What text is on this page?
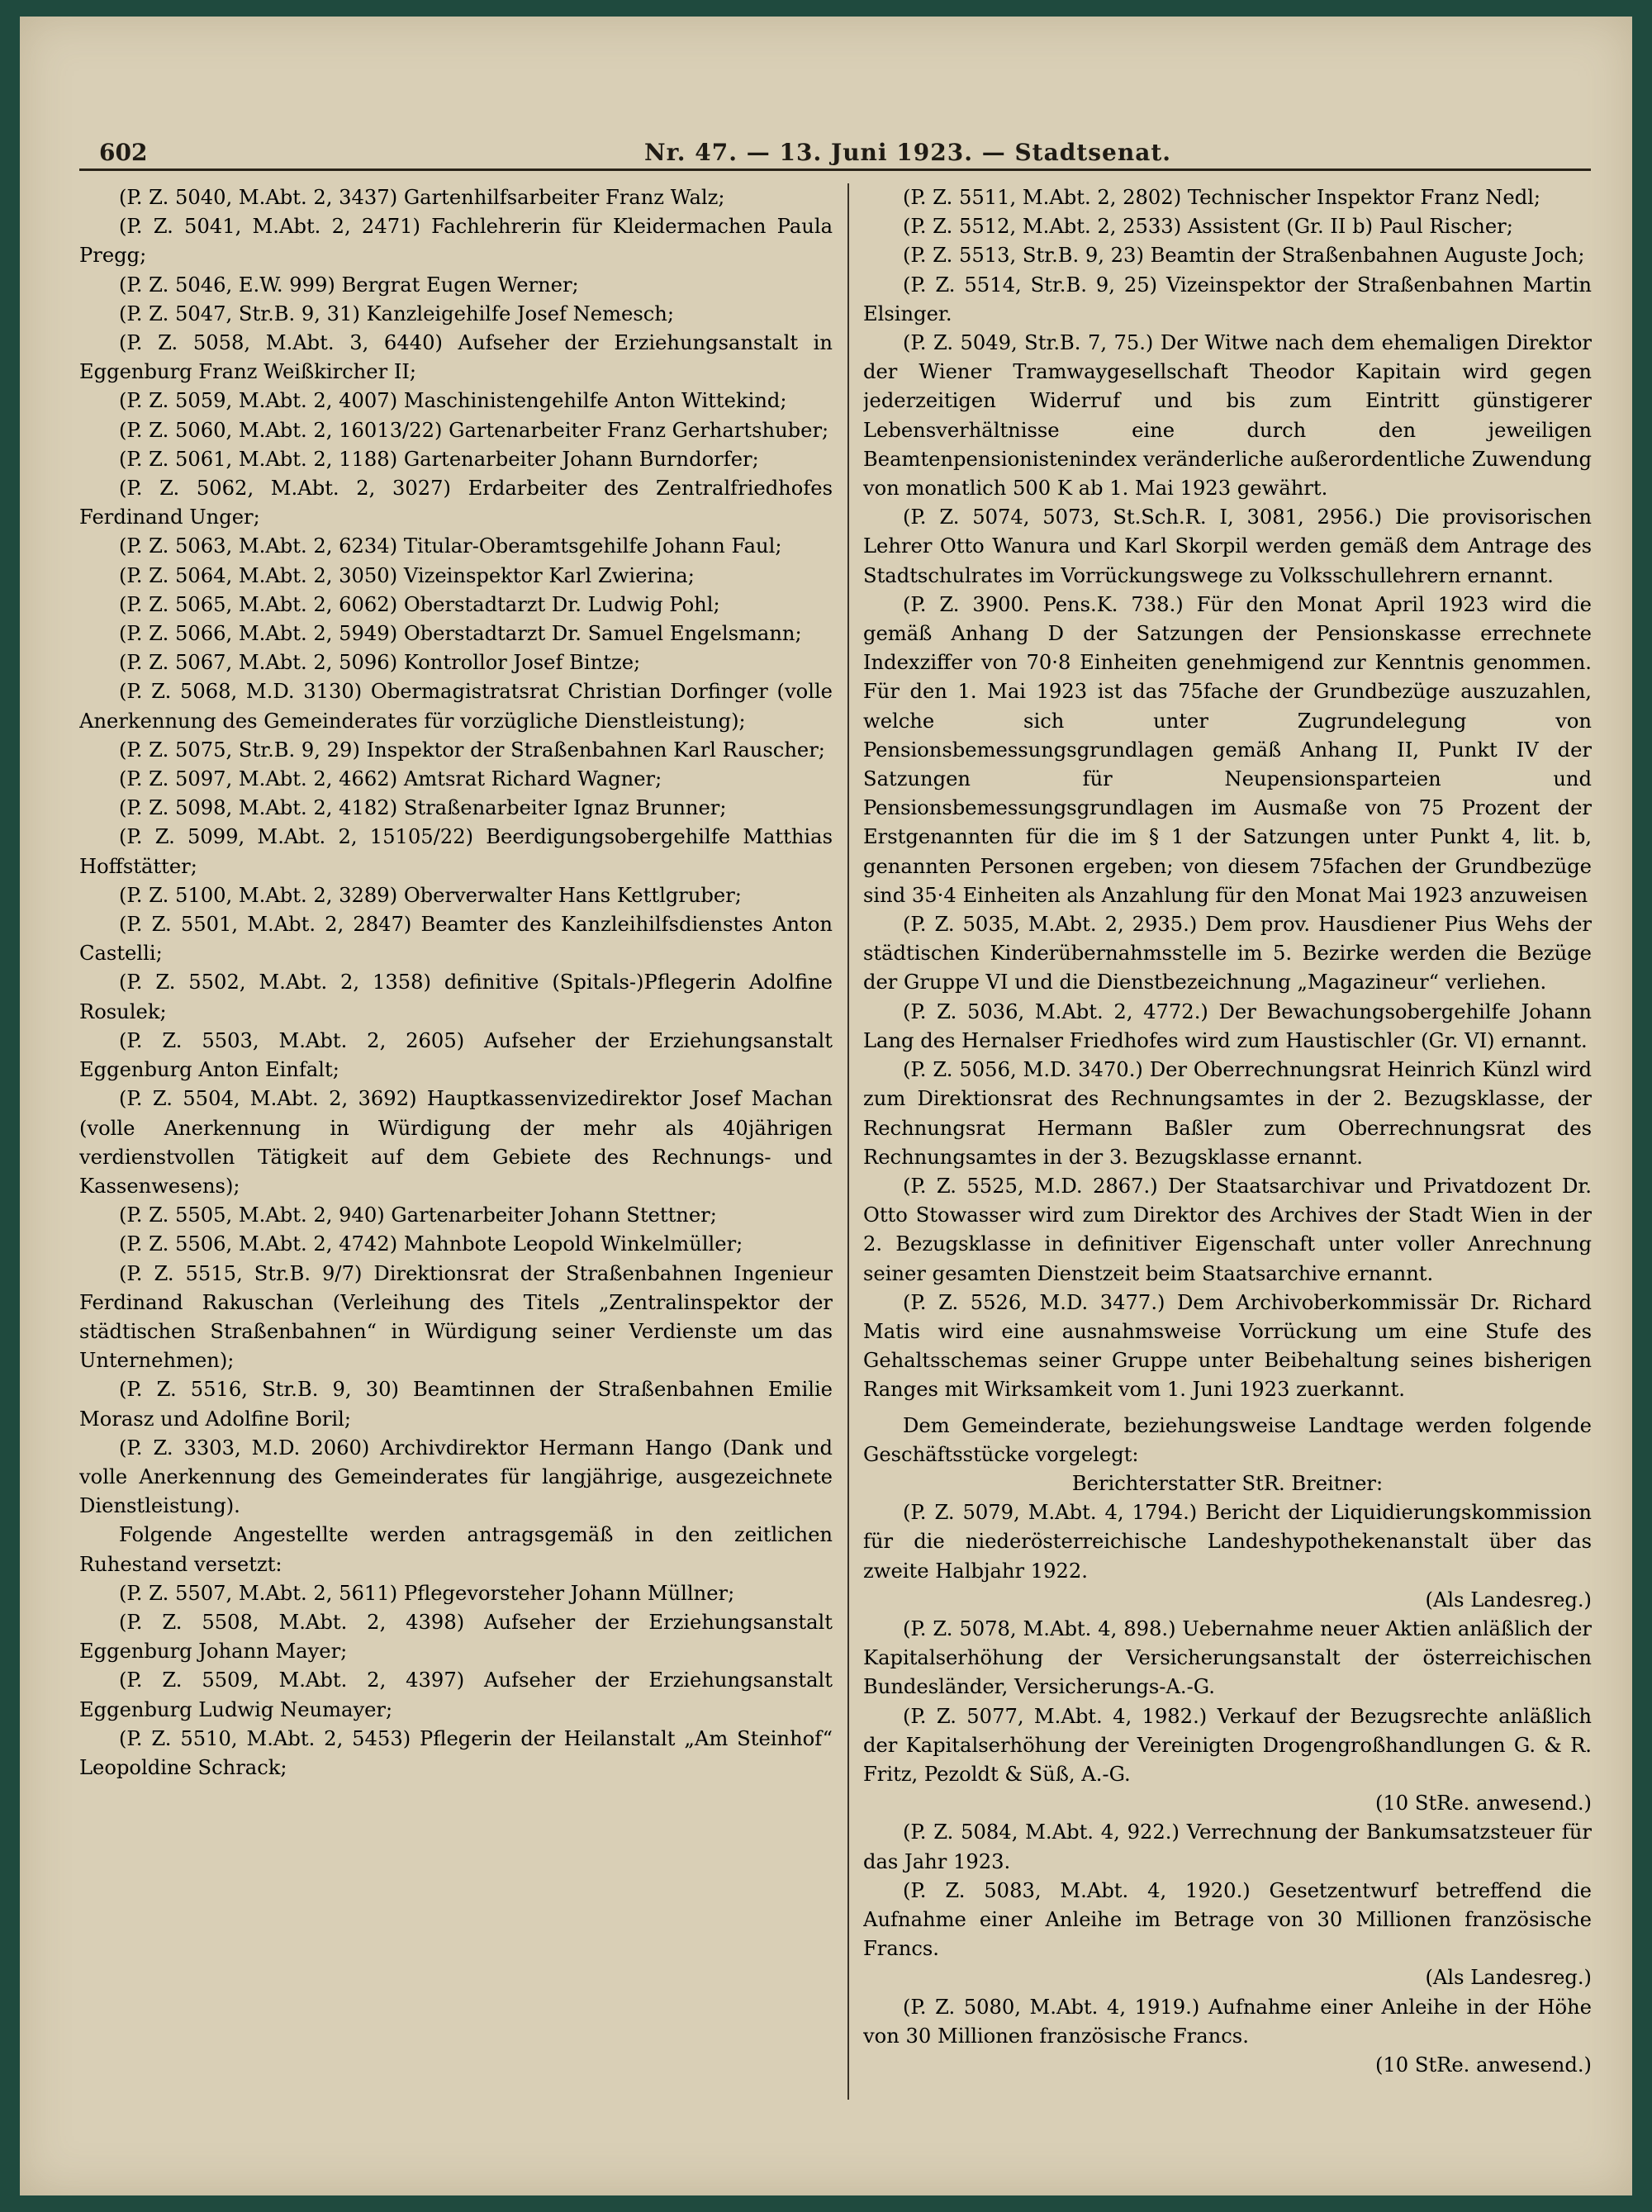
602	Nr. 47. — 13. Juni 1923. — Stadtsenat.

(P. Z. 5040, M.Abt. 2, 3437) Gartenhilfsarbeiter Franz Walz;

(P. Z. 5041, M.Abt. 2, 2471) Fachlehrerin für Kleidermachen Paula Pregg;

(P. Z. 5046, E.W. 999) Bergrat Eugen Werner;

(P. Z. 5047, Str.B. 9, 31) Kanzleigehilfe Josef Nemesch;

(P. Z. 5058, M.Abt. 3, 6440) Aufseher der Erziehungsanstalt in Eggenburg Franz Weißkircher II;

(P. Z. 5059, M.Abt. 2, 4007) Maschinistengehilfe Anton Wittekind;

(P. Z. 5060, M.Abt. 2, 16013/22) Gartenarbeiter Franz Gerhartshuber;

(P. Z. 5061, M.Abt. 2, 1188) Gartenarbeiter Johann Burndorfer;

(P. Z. 5062, M.Abt. 2, 3027) Erdarbeiter des Zentralfriedhofes Ferdinand Unger;

(P. Z. 5063, M.Abt. 2, 6234) Titular-Oberamtsgehilfe Johann Faul;

(P. Z. 5064, M.Abt. 2, 3050) Vizeinspektor Karl Zwierina;

(P. Z. 5065, M.Abt. 2, 6062) Oberstadtarzt Dr. Ludwig Pohl;

(P. Z. 5066, M.Abt. 2, 5949) Oberstadtarzt Dr. Samuel Engelsmann;

(P. Z. 5067, M.Abt. 2, 5096) Kontrollor Josef Bintze;

(P. Z. 5068, M.D. 3130) Obermagistratsrat Christian Dorfinger (volle Anerkennung des Gemeinderates für vorzügliche Dienstleistung);

(P. Z. 5075, Str.B. 9, 29) Inspektor der Straßenbahnen Karl Rauscher;

(P. Z. 5097, M.Abt. 2, 4662) Amtsrat Richard Wagner;

(P. Z. 5098, M.Abt. 2, 4182) Straßenarbeiter Ignaz Brunner;

(P. Z. 5099, M.Abt. 2, 15105/22) Beerdigungsobergehilfe Matthias Hoffstätter;

(P. Z. 5100, M.Abt. 2, 3289) Oberverwalter Hans Kettlgruber;

(P. Z. 5501, M.Abt. 2, 2847) Beamter des Kanzleihilfsdienstes Anton Castelli;

(P. Z. 5502, M.Abt. 2, 1358) definitive (Spitals-)Pflegerin Adolfine Rosulek;

(P. Z. 5503, M.Abt. 2, 2605) Aufseher der Erziehungsanstalt Eggenburg Anton Einfalt;

(P. Z. 5504, M.Abt. 2, 3692) Hauptkassenvizedirektor Josef Machan (volle Anerkennung in Würdigung der mehr als 40jährigen verdienstvollen Tätigkeit auf dem Gebiete des Rechnungs- und Kassenwesens);

(P. Z. 5505, M.Abt. 2, 940) Gartenarbeiter Johann Stettner;

(P. Z. 5506, M.Abt. 2, 4742) Mahnbote Leopold Winkelmüller;

(P. Z. 5515, Str.B. 9/7) Direktionsrat der Straßenbahnen Ingenieur Ferdinand Rakuschan (Verleihung des Titels „Zentralinspektor der städtischen Straßenbahnen“ in Würdigung seiner Verdienste um das Unternehmen);

(P. Z. 5516, Str.B. 9, 30) Beamtinnen der Straßenbahnen Emilie Morasz und Adolfine Boril;

(P. Z. 3303, M.D. 2060) Archivdirektor Hermann Hango (Dank und volle Anerkennung des Gemeinderates für langjährige, ausgezeichnete Dienstleistung).

Folgende Angestellte werden antragsgemäß in den zeitlichen Ruhestand versetzt:

(P. Z. 5507, M.Abt. 2, 5611) Pflegevorsteher Johann Müllner;

(P. Z. 5508, M.Abt. 2, 4398) Aufseher der Erziehungsanstalt Eggenburg Johann Mayer;

(P. Z. 5509, M.Abt. 2, 4397) Aufseher der Erziehungsanstalt Eggenburg Ludwig Neumayer;

(P. Z. 5510, M.Abt. 2, 5453) Pflegerin der Heilanstalt „Am Steinhof“ Leopoldine Schrack;

(P. Z. 5511, M.Abt. 2, 2802) Technischer Inspektor Franz Nedl;

(P. Z. 5512, M.Abt. 2, 2533) Assistent (Gr. II b) Paul Rischer;

(P. Z. 5513, Str.B. 9, 23) Beamtin der Straßenbahnen Auguste Joch;

(P. Z. 5514, Str.B. 9, 25) Vizeinspektor der Straßenbahnen Martin Elsinger.

(P. Z. 5049, Str.B. 7, 75.) Der Witwe nach dem ehemaligen Direktor der Wiener Tramwaygesellschaft Theodor Kapitain wird gegen jederzeitigen Widerruf und bis zum Eintritt günstigerer Lebensverhältnisse eine durch den jeweiligen Beamtenpensionistenindex veränderliche außerordentliche Zuwendung von monatlich 500 K ab 1. Mai 1923 gewährt.

(P. Z. 5074, 5073, St.Sch.R. I, 3081, 2956.) Die provisorischen Lehrer Otto Wanura und Karl Skorpil werden gemäß dem Antrage des Stadtschulrates im Vorrückungswege zu Volksschullehrern ernannt.

(P. Z. 3900. Pens.K. 738.) Für den Monat April 1923 wird die gemäß Anhang D der Satzungen der Pensionskasse errechnete Indexziffer von 70·8 Einheiten genehmigend zur Kenntnis genommen. Für den 1. Mai 1923 ist das 75fache der Grundbezüge auszuzahlen, welche sich unter Zugrundelegung von Pensionsbemessungsgrundlagen gemäß Anhang II, Punkt IV der Satzungen für Neupensionsparteien und Pensionsbemessungsgrundlagen im Ausmaße von 75 Prozent der Erstgenannten für die im § 1 der Satzungen unter Punkt 4, lit. b, genannten Personen ergeben; von diesem 75fachen der Grundbezüge sind 35·4 Einheiten als Anzahlung für den Monat Mai 1923 anzuweisen

(P. Z. 5035, M.Abt. 2, 2935.) Dem prov. Hausdiener Pius Wehs der städtischen Kinderübernahmsstelle im 5. Bezirke werden die Bezüge der Gruppe VI und die Dienstbezeichnung „Magazineur“ verliehen.

(P. Z. 5036, M.Abt. 2, 4772.) Der Bewachungsobergehilfe Johann Lang des Hernalser Friedhofes wird zum Haustischler (Gr. VI) ernannt.

(P. Z. 5056, M.D. 3470.) Der Oberrechnungsrat Heinrich Künzl wird zum Direktionsrat des Rechnungsamtes in der 2. Bezugsklasse, der Rechnungsrat Hermann Baßler zum Oberrechnungsrat des Rechnungsamtes in der 3. Bezugsklasse ernannt.

(P. Z. 5525, M.D. 2867.) Der Staatsarchivar und Privatdozent Dr. Otto Stowasser wird zum Direktor des Archives der Stadt Wien in der 2. Bezugsklasse in definitiver Eigenschaft unter voller Anrechnung seiner gesamten Dienstzeit beim Staatsarchive ernannt.

(P. Z. 5526, M.D. 3477.) Dem Archivoberkommissär Dr. Richard Matis wird eine ausnahmsweise Vorrückung um eine Stufe des Gehaltsschemas seiner Gruppe unter Beibehaltung seines bisherigen Ranges mit Wirksamkeit vom 1. Juni 1923 zuerkannt.

Dem Gemeinderate, beziehungsweise Landtage werden folgende Geschäftsstücke vorgelegt:

Berichterstatter StR. Breitner:

(P. Z. 5079, M.Abt. 4, 1794.) Bericht der Liquidierungskommission für die niederösterreichische Landeshypothekenanstalt über das zweite Halbjahr 1922.

(Als Landesreg.)

(P. Z. 5078, M.Abt. 4, 898.) Uebernahme neuer Aktien anläßlich der Kapitalserhöhung der Versicherungsanstalt der österreichischen Bundesländer, Versicherungs-A.-G.

(P. Z. 5077, M.Abt. 4, 1982.) Verkauf der Bezugsrechte anläßlich der Kapitalserhöhung der Vereinigten Drogengroßhandlungen G. & R. Fritz, Pezoldt & Süß, A.-G.

(10 StRe. anwesend.)

(P. Z. 5084, M.Abt. 4, 922.) Verrechnung der Bankumsatzsteuer für das Jahr 1923.

(P. Z. 5083, M.Abt. 4, 1920.) Gesetzentwurf betreffend die Aufnahme einer Anleihe im Betrage von 30 Millionen französische Francs.

(Als Landesreg.)

(P. Z. 5080, M.Abt. 4, 1919.) Aufnahme einer Anleihe in der Höhe von 30 Millionen französische Francs.

(10 StRe. anwesend.)
